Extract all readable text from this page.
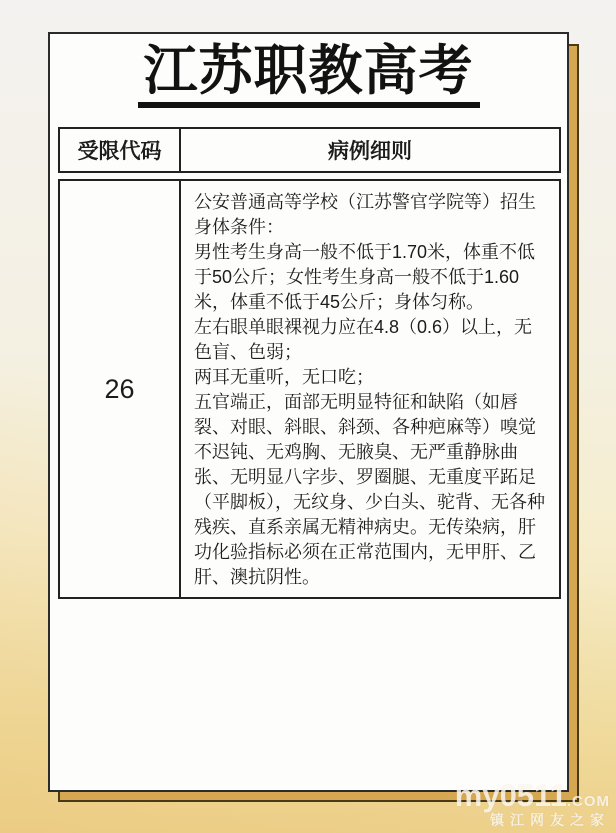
江苏职教高考
受限代码	病例细则
26

公安普通高等学校（江苏警官学院等）招生身体条件：

男性考生身高一般不低于1.70米，体重不低于50公斤；女性考生身高一般不低于1.60米，体重不低于45公斤；身体匀称。

左右眼单眼裸视力应在4.8（0.6）以上，无色盲、色弱；

两耳无重听，无口吃；

五官端正，面部无明显特征和缺陷（如唇裂、对眼、斜眼、斜颈、各种疤麻等）嗅觉不迟钝、无鸡胸、无腋臭、无严重静脉曲张、无明显八字步、罗圈腿、无重度平跖足（平脚板），无纹身、少白头、驼背、无各种残疾、直系亲属无精神病史。无传染病，肝功化验指标必须在正常范围内，无甲肝、乙肝、澳抗阴性。

my0511.COM
镇江网友之家
